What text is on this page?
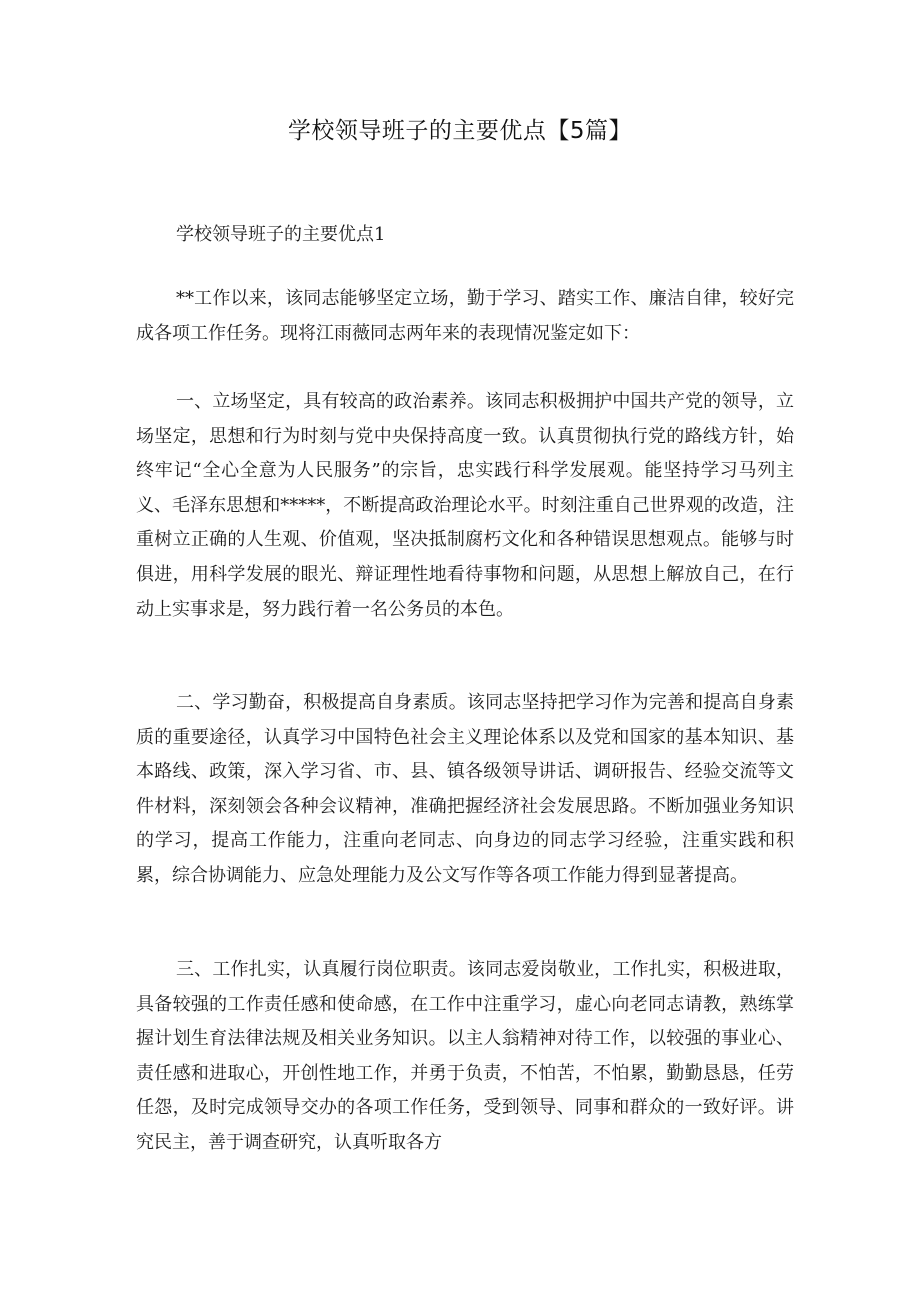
学校领导班子的主要优点【5篇】
学校领导班子的主要优点1

**工作以来，该同志能够坚定立场，勤于学习、踏实工作、廉洁自律，较好完成各项工作任务。现将江雨薇同志两年来的表现情况鉴定如下：

一、立场坚定，具有较高的政治素养。该同志积极拥护中国共产党的领导，立场坚定，思想和行为时刻与党中央保持高度一致。认真贯彻执行党的路线方针，始终牢记“全心全意为人民服务”的宗旨，忠实践行科学发展观。能坚持学习马列主义、毛泽东思想和*****，不断提高政治理论水平。时刻注重自己世界观的改造，注重树立正确的人生观、价值观，坚决抵制腐朽文化和各种错误思想观点。能够与时俱进，用科学发展的眼光、辩证理性地看待事物和问题，从思想上解放自己，在行动上实事求是，努力践行着一名公务员的本色。

二、学习勤奋，积极提高自身素质。该同志坚持把学习作为完善和提高自身素质的重要途径，认真学习中国特色社会主义理论体系以及党和国家的基本知识、基本路线、政策，深入学习省、市、县、镇各级领导讲话、调研报告、经验交流等文件材料，深刻领会各种会议精神，准确把握经济社会发展思路。不断加强业务知识的学习，提高工作能力，注重向老同志、向身边的同志学习经验，注重实践和积累，综合协调能力、应急处理能力及公文写作等各项工作能力得到显著提高。

三、工作扎实，认真履行岗位职责。该同志爱岗敬业，工作扎实，积极进取，具备较强的工作责任感和使命感，在工作中注重学习，虚心向老同志请教，熟练掌握计划生育法律法规及相关业务知识。以主人翁精神对待工作，以较强的事业心、责任感和进取心，开创性地工作，并勇于负责，不怕苦，不怕累，勤勤恳恳，任劳任怨，及时完成领导交办的各项工作任务，受到领导、同事和群众的一致好评。讲究民主，善于调查研究，认真听取各方
